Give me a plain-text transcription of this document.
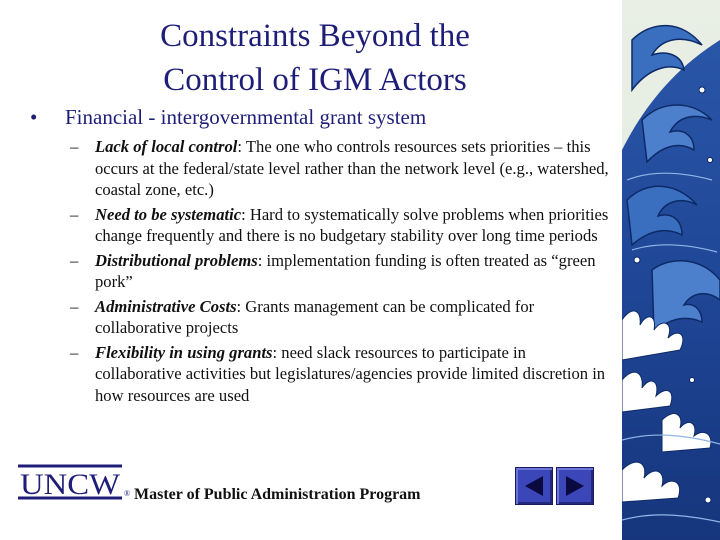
Constraints Beyond the
Control of IGM Actors
• Financial - intergovernmental grant system
– Lack of local control: The one who controls resources sets priorities – this occurs at the federal/state level rather than the network level (e.g., watershed, coastal zone, etc.)
– Need to be systematic: Hard to systematically solve problems when priorities change frequently and there is no budgetary stability over long time periods
– Distributional problems: implementation funding is often treated as “green pork”
– Administrative Costs: Grants management can be complicated for collaborative projects
– Flexibility in using grants: need slack resources to participate in collaborative activities but legislatures/agencies provide limited discretion in how resources are used
UNCW ® Master of Public Administration Program
